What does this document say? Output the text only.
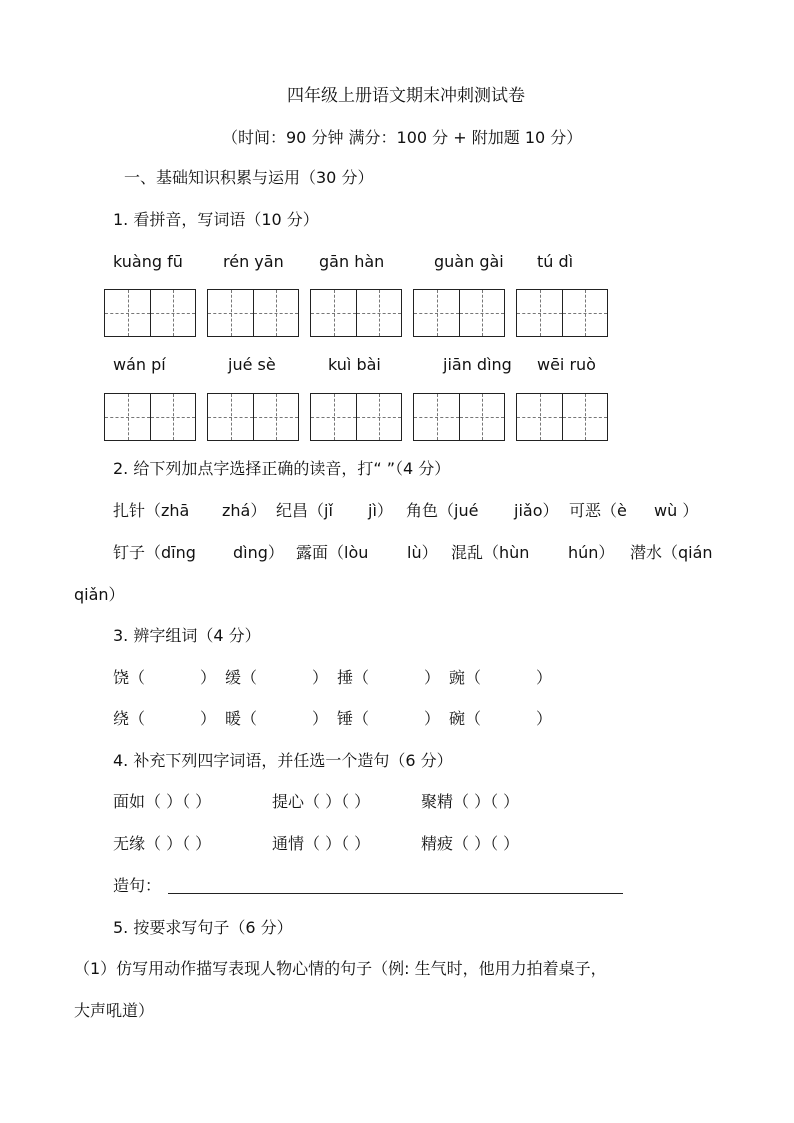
四年级上册语文期末冲刺测试卷
（时间：90 分钟 满分：100 分 + 附加题 10 分）
一、基础知识积累与运用（30 分）
1. 看拼音，写词语（10 分）
kuàng fū	rén yān gān hàn	guàn gài tú dì
wán pí	jué sè	kuì bài	jiān dìng wēi ruò
2. 给下列加点字选择正确的读音，打“ ”（4 分）
扎针（zhā zhá） 纪昌（jǐ jì） 角色（jué jiǎo） 可恶（è wù ）
钉子（dīng dìng） 露面（lòu lù） 混乱（hùn hún） 潜水（qián
qiǎn）
3. 辨字组词（4 分）
饶（	） 缓（	） 捶（	） 豌（	）
绕（	） 暖（	） 锤（	） 碗（	）
4. 补充下列四字词语，并任选一个造句（6 分）
面如（ ）（ ）	提心（ ）（ ）	聚精（ ）（ ）
无缘（ ）（ ）	通情（ ）（ ）	精疲（ ）（ ）
造句：
5. 按要求写句子（6 分）
（1）仿写用动作描写表现人物心情的句子（例: 生气时，他用力拍着桌子，
大声吼道）
